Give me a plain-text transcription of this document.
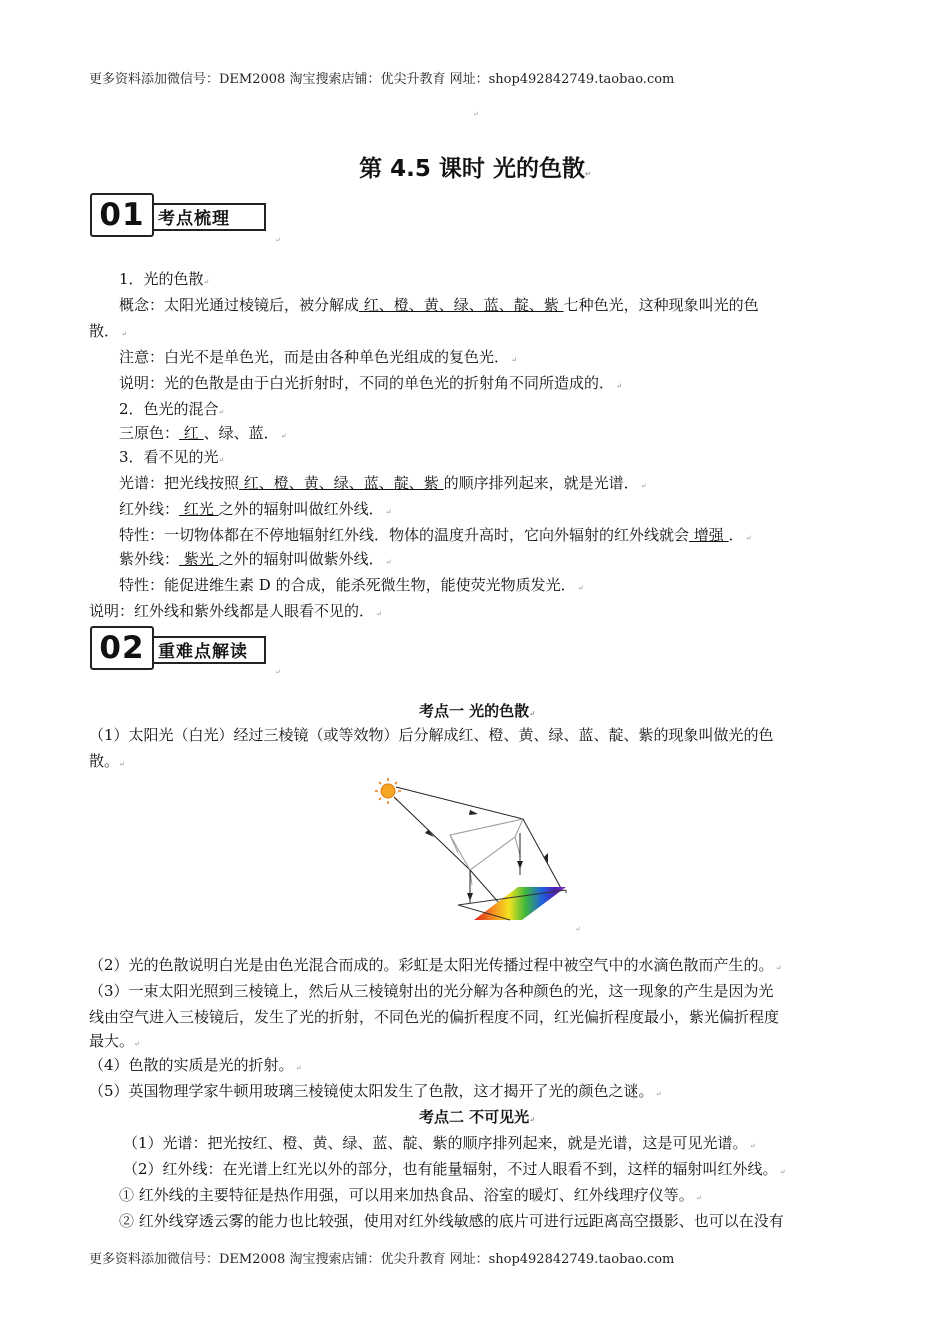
更多资料添加微信号：DEM2008 淘宝搜索店铺：优尖升教育 网址：shop492842749.taobao.com
↵
第 4.5 课时 光的色散↵
01 考点梳理
↵
1．光的色散↵
概念：太阳光通过棱镜后，被分解成 红、橙、黄、绿、蓝、靛、紫 七种色光，这种现象叫光的色
散． ↵
注意：白光不是单色光，而是由各种单色光组成的复色光． ↵
说明：光的色散是由于白光折射时，不同的单色光的折射角不同所造成的． ↵
2．色光的混合↵
三原色： 红 、绿、蓝． ↵
3．看不见的光↵
光谱：把光线按照 红、橙、黄、绿、蓝、靛、紫 的顺序排列起来，就是光谱． ↵
红外线： 红光 之外的辐射叫做红外线． ↵
特性：一切物体都在不停地辐射红外线．物体的温度升高时，它向外辐射的红外线就会 增强 ． ↵
紫外线： 紫光 之外的辐射叫做紫外线． ↵
特性：能促进维生素 D 的合成，能杀死微生物，能使荧光物质发光． ↵
说明：红外线和紫外线都是人眼看不见的． ↵
02 重难点解读
↵
考点一 光的色散↵
（1）太阳光（白光）经过三棱镜（或等效物）后分解成红、橙、黄、绿、蓝、靛、紫的现象叫做光的色
散。↵
↵
（2）光的色散说明白光是由色光混合而成的。彩虹是太阳光传播过程中被空气中的水滴色散而产生的。 ↵
（3）一束太阳光照到三棱镜上，然后从三棱镜射出的光分解为各种颜色的光，这一现象的产生是因为光
线由空气进入三棱镜后，发生了光的折射，不同色光的偏折程度不同，红光偏折程度最小，紫光偏折程度
最大。↵
（4）色散的实质是光的折射。 ↵
（5）英国物理学家牛顿用玻璃三棱镜使太阳发生了色散，这才揭开了光的颜色之谜。 ↵
考点二 不可见光↵
（1）光谱：把光按红、橙、黄、绿、蓝、靛、紫的顺序排列起来，就是光谱，这是可见光谱。 ↵
（2）红外线：在光谱上红光以外的部分，也有能量辐射，不过人眼看不到，这样的辐射叫红外线。 ↵
① 红外线的主要特征是热作用强，可以用来加热食品、浴室的暖灯、红外线理疗仪等。 ↵
② 红外线穿透云雾的能力也比较强，使用对红外线敏感的底片可进行远距离高空摄影、也可以在没有
更多资料添加微信号：DEM2008 淘宝搜索店铺：优尖升教育 网址：shop492842749.taobao.com
